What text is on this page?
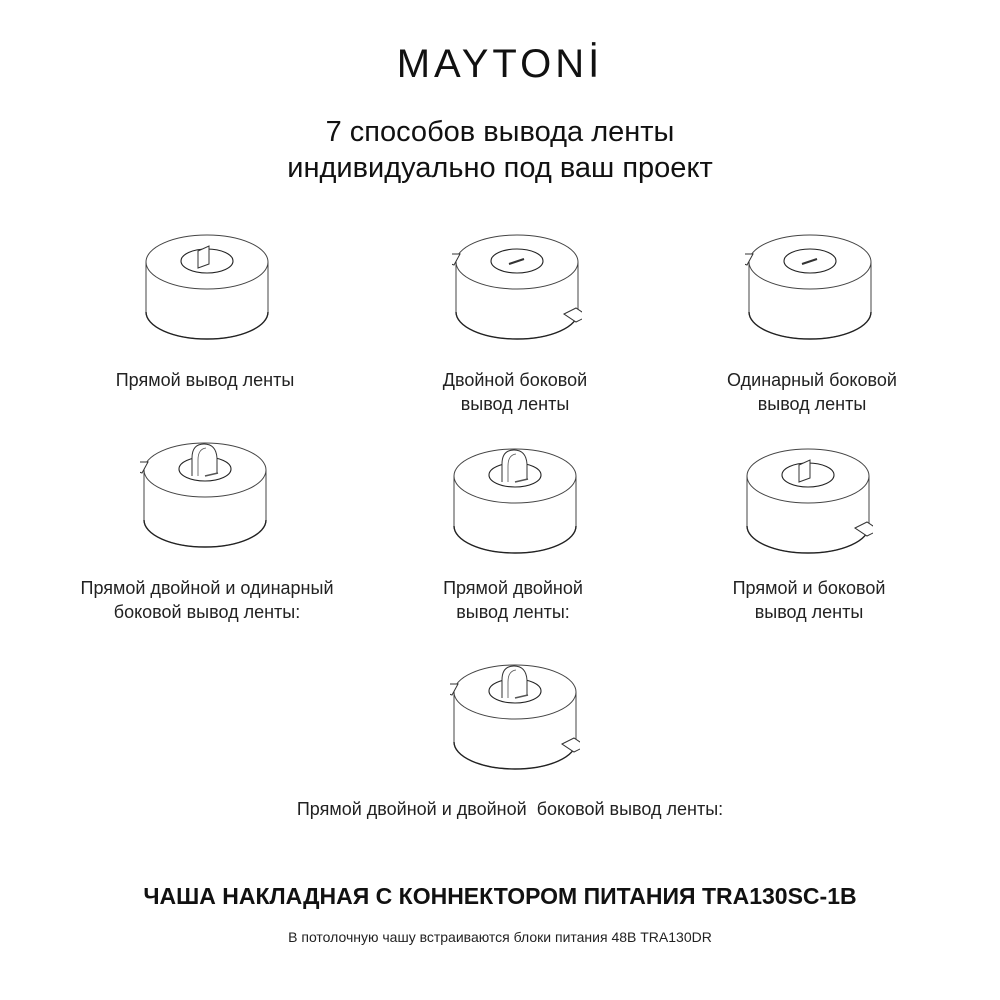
MAYTONİ
7 способов вывода ленты
индивидуально под ваш проект
Прямой вывод ленты	Двойной боковой
вывод ленты
Одинарный боковой
вывод ленты
Прямой двойной и одинарный
боковой вывод ленты:
Прямой двойной
вывод ленты:
Прямой и боковой
вывод ленты
Прямой двойной и двойной  боковой вывод ленты:
ЧАША НАКЛАДНАЯ С КОННЕКТОРОМ ПИТАНИЯ TRA130SC-1B
В потолочную чашу встраиваются блоки питания 48В TRA130DR
